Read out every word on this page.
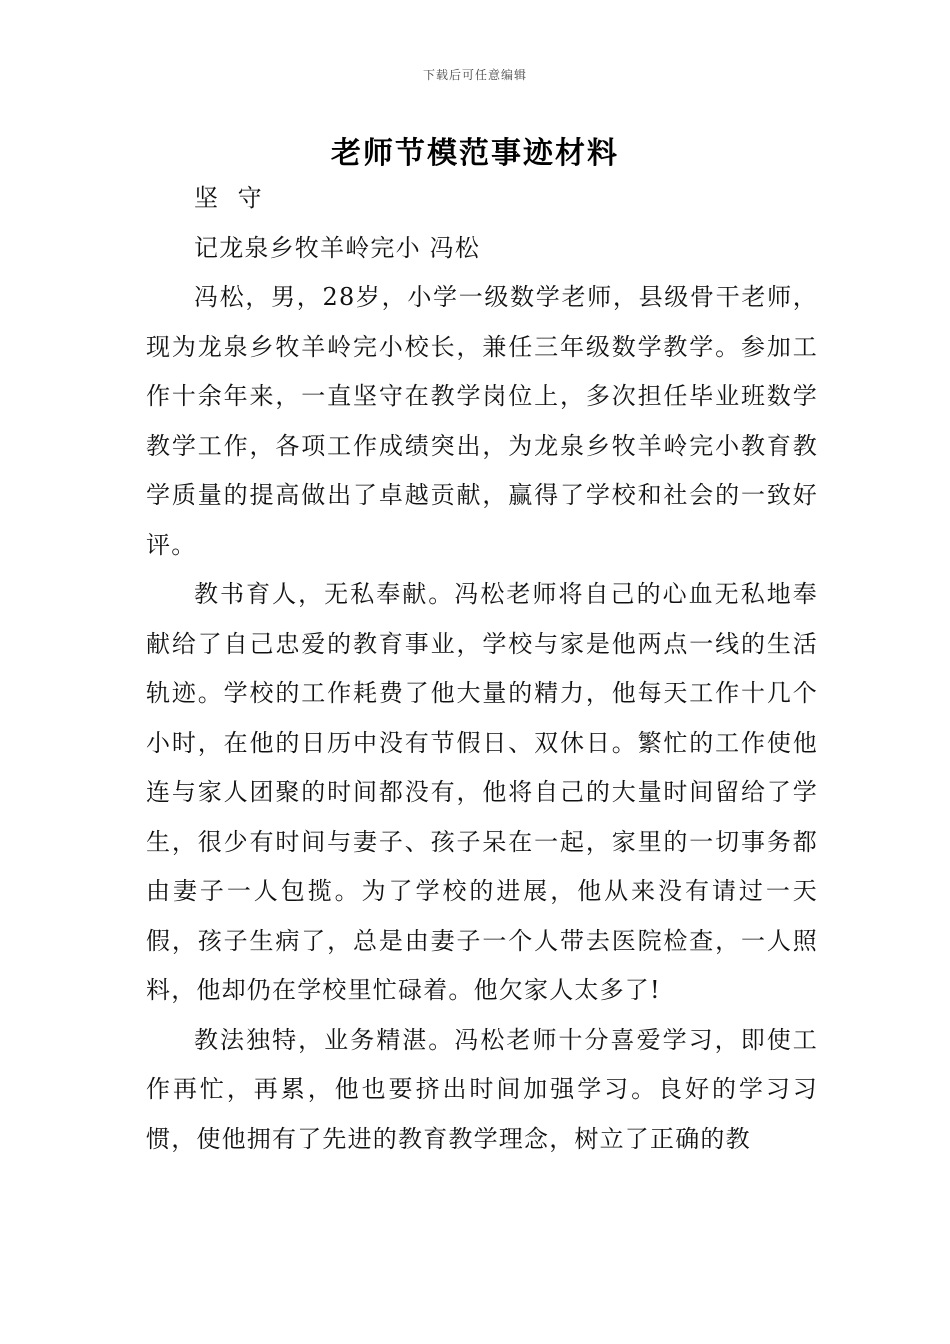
下载后可任意编辑
老师节模范事迹材料

坚 守

记龙泉乡牧羊岭完小 冯松

冯松，男，28岁，小学一级数学老师，县级骨干老师，现为龙泉乡牧羊岭完小校长，兼任三年级数学教学。参加工作十余年来，一直坚守在教学岗位上，多次担任毕业班数学教学工作，各项工作成绩突出，为龙泉乡牧羊岭完小教育教学质量的提高做出了卓越贡献，赢得了学校和社会的一致好评。

教书育人，无私奉献。冯松老师将自己的心血无私地奉献给了自己忠爱的教育事业，学校与家是他两点一线的生活轨迹。学校的工作耗费了他大量的精力，他每天工作十几个小时，在他的日历中没有节假日、双休日。繁忙的工作使他连与家人团聚的时间都没有，他将自己的大量时间留给了学生，很少有时间与妻子、孩子呆在一起，家里的一切事务都由妻子一人包揽。为了学校的进展，他从来没有请过一天假，孩子生病了，总是由妻子一个人带去医院检查，一人照料，他却仍在学校里忙碌着。他欠家人太多了!

教法独特，业务精湛。冯松老师十分喜爱学习，即使工作再忙，再累，他也要挤出时间加强学习。良好的学习习惯，使他拥有了先进的教育教学理念，树立了正确的教
